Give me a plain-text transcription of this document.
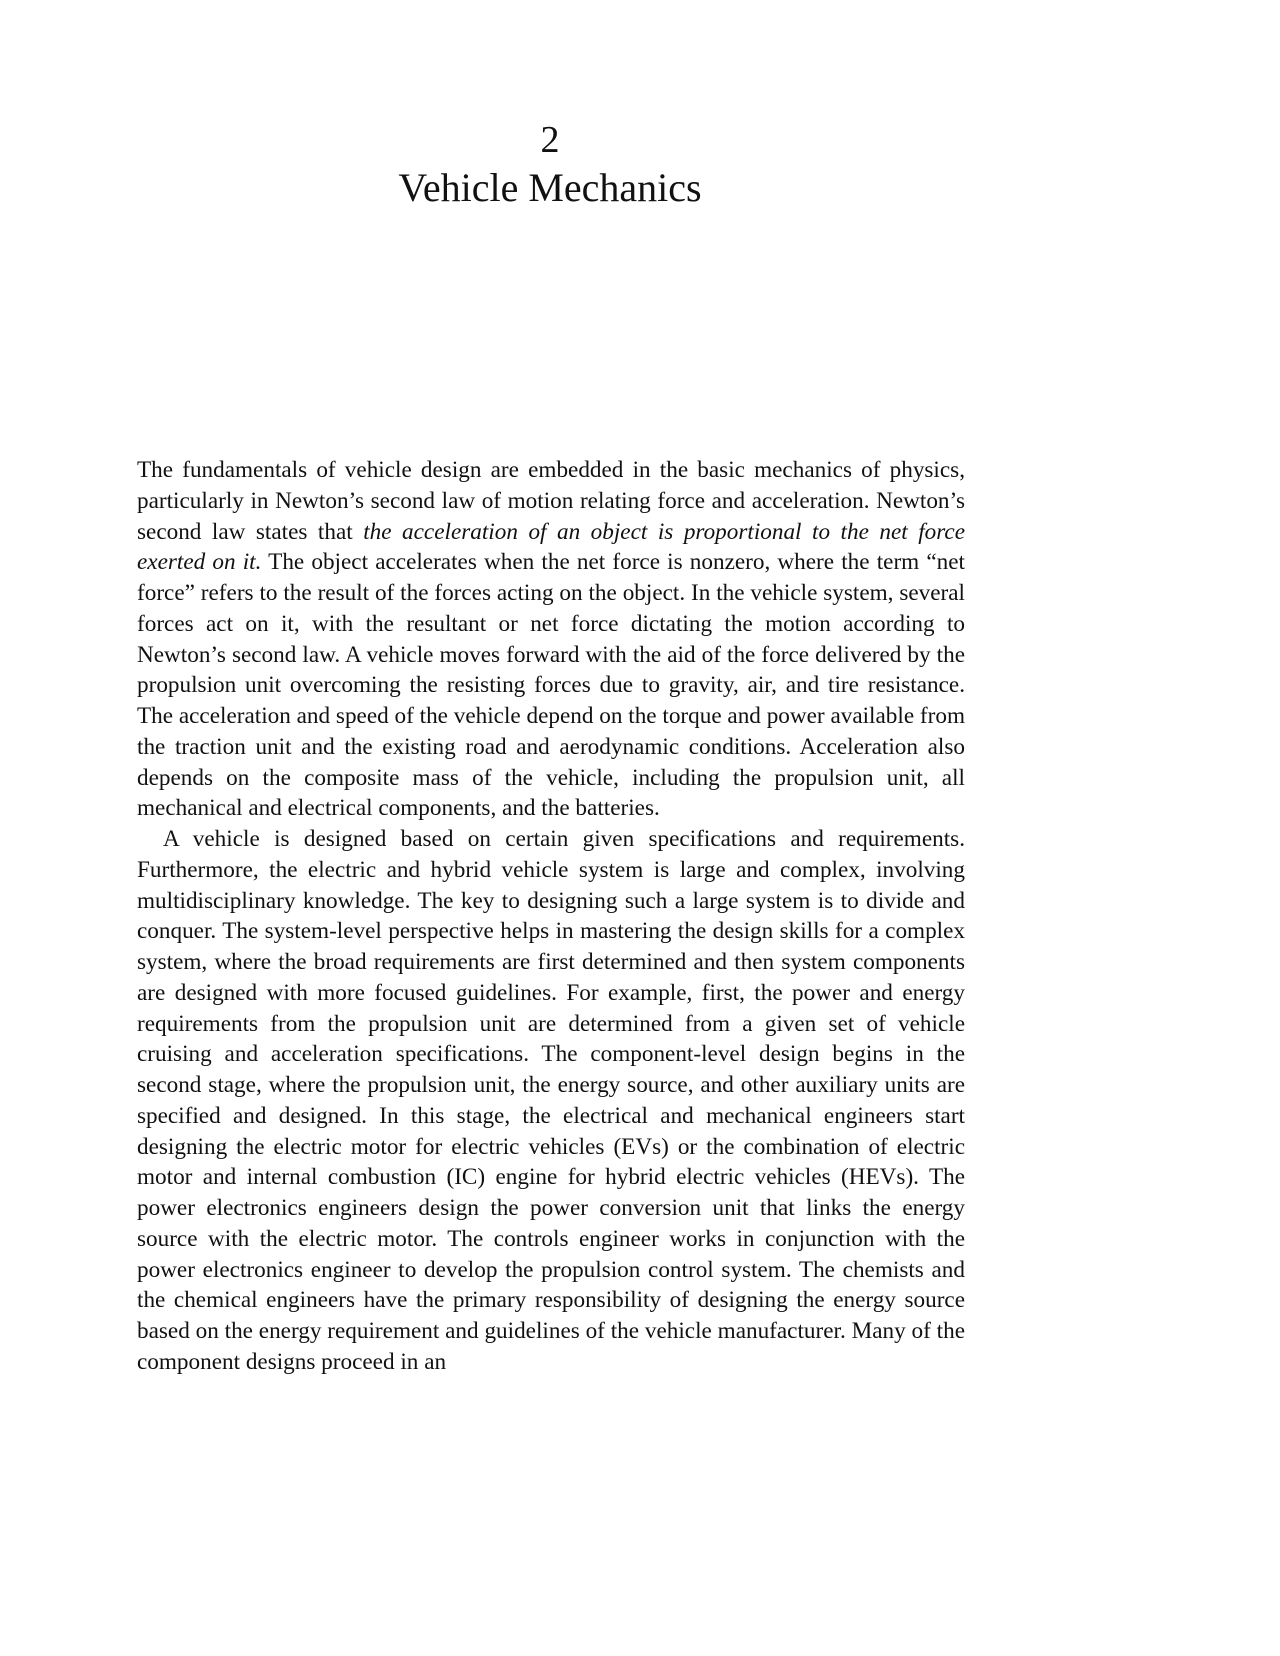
2
Vehicle Mechanics

The fundamentals of vehicle design are embedded in the basic mechanics of physics, particularly in Newton’s second law of motion relating force and acceleration. Newton’s second law states that the acceleration of an object is proportional to the net force exerted on it. The object accelerates when the net force is nonzero, where the term “net force” refers to the result of the forces acting on the object. In the vehicle system, several forces act on it, with the resultant or net force dictating the motion according to Newton’s second law. A vehicle moves forward with the aid of the force delivered by the propulsion unit overcoming the resisting forces due to gravity, air, and tire resistance. The acceleration and speed of the vehicle depend on the torque and power available from the traction unit and the existing road and aerodynamic conditions. Acceleration also depends on the composite mass of the vehicle, including the propulsion unit, all mechanical and electrical components, and the batteries.

A vehicle is designed based on certain given specifications and requirements. Furthermore, the electric and hybrid vehicle system is large and complex, involving multidisciplinary knowledge. The key to designing such a large system is to divide and conquer. The system-level perspective helps in mastering the design skills for a complex system, where the broad requirements are first determined and then system components are designed with more focused guidelines. For example, first, the power and energy requirements from the propulsion unit are determined from a given set of vehicle cruising and acceleration specifications. The component-level design begins in the second stage, where the propulsion unit, the energy source, and other auxiliary units are specified and designed. In this stage, the electrical and mechanical engineers start designing the electric motor for electric vehicles (EVs) or the combination of electric motor and internal combustion (IC) engine for hybrid electric vehicles (HEVs). The power electronics engineers design the power conversion unit that links the energy source with the electric motor. The controls engineer works in conjunction with the power electronics engineer to develop the propulsion control system. The chemists and the chemical engineers have the primary responsibility of designing the energy source based on the energy requirement and guidelines of the vehicle manufacturer. Many of the component designs proceed in an
